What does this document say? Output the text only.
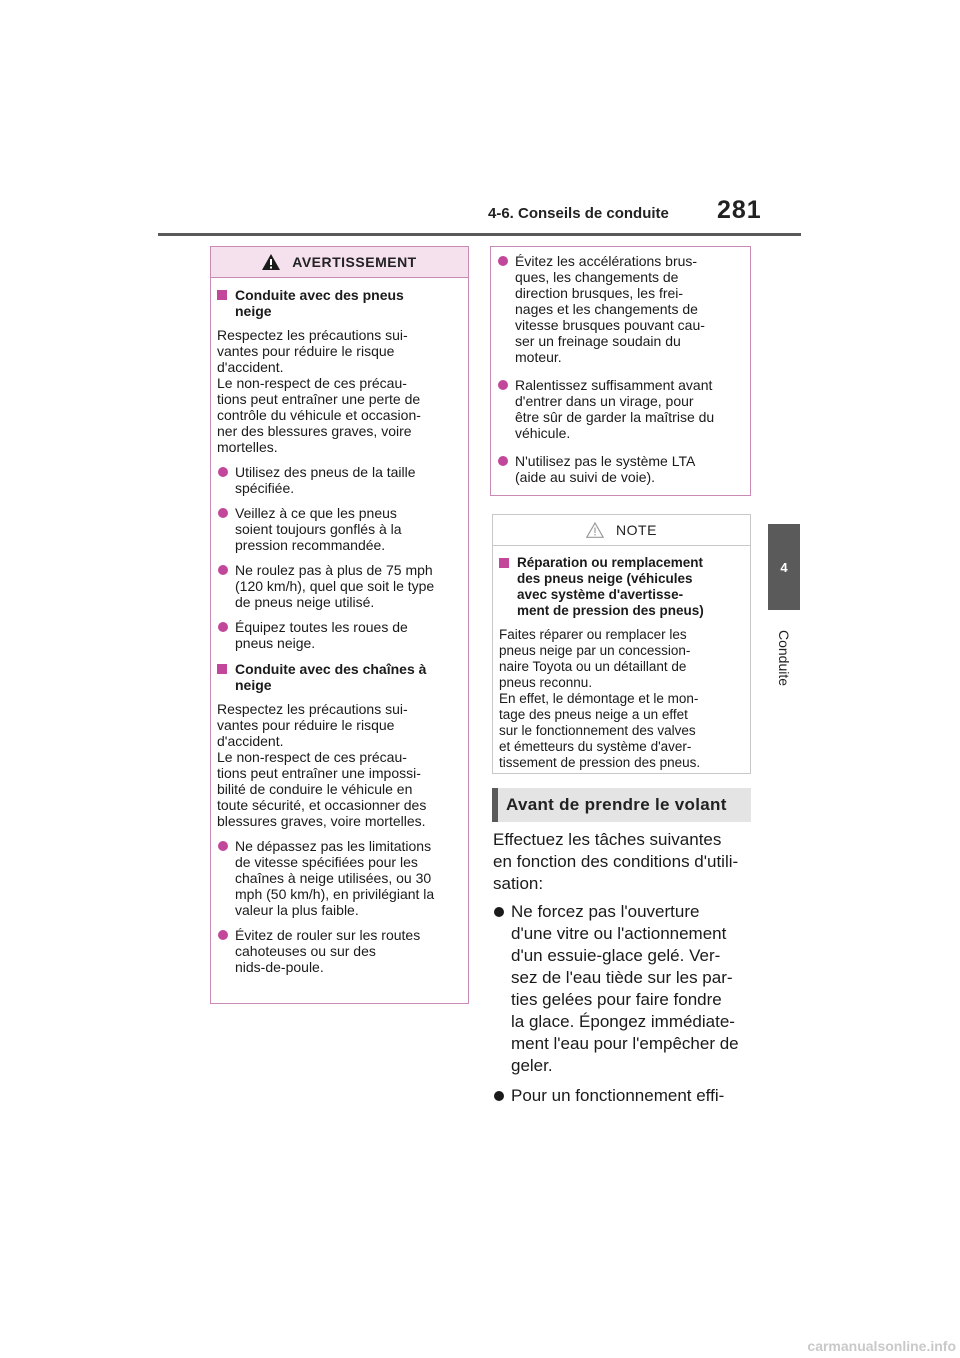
4-6. Conseils de conduite	281
4
Conduite
AVERTISSEMENT
Conduite avec des pneus
neige
Respectez les précautions sui-
vantes pour réduire le risque
d'accident.
Le non-respect de ces précau-
tions peut entraîner une perte de
contrôle du véhicule et occasion-
ner des blessures graves, voire
mortelles.
Utilisez des pneus de la taille
spécifiée.
Veillez à ce que les pneus
soient toujours gonflés à la
pression recommandée.
Ne roulez pas à plus de 75 mph
(120 km/h), quel que soit le type
de pneus neige utilisé.
Équipez toutes les roues de
pneus neige.
Conduite avec des chaînes à
neige
Respectez les précautions sui-
vantes pour réduire le risque
d'accident.
Le non-respect de ces précau-
tions peut entraîner une impossi-
bilité de conduire le véhicule en
toute sécurité, et occasionner des
blessures graves, voire mortelles.
Ne dépassez pas les limitations
de vitesse spécifiées pour les
chaînes à neige utilisées, ou 30
mph (50 km/h), en privilégiant la
valeur la plus faible.
Évitez de rouler sur les routes
cahoteuses ou sur des
nids-de-poule.
Évitez les accélérations brus-
ques, les changements de
direction brusques, les frei-
nages et les changements de
vitesse brusques pouvant cau-
ser un freinage soudain du
moteur.
Ralentissez suffisamment avant
d'entrer dans un virage, pour
être sûr de garder la maîtrise du
véhicule.
N'utilisez pas le système LTA
(aide au suivi de voie).
NOTE
Réparation ou remplacement
des pneus neige (véhicules
avec système d'avertisse-
ment de pression des pneus)
Faites réparer ou remplacer les
pneus neige par un concession-
naire Toyota ou un détaillant de
pneus reconnu.
En effet, le démontage et le mon-
tage des pneus neige a un effet
sur le fonctionnement des valves
et émetteurs du système d'aver-
tissement de pression des pneus.
Avant de prendre le volant
Effectuez les tâches suivantes
en fonction des conditions d'utili-
sation:
Ne forcez pas l'ouverture
d'une vitre ou l'actionnement
d'un essuie-glace gelé. Ver-
sez de l'eau tiède sur les par-
ties gelées pour faire fondre
la glace. Épongez immédiate-
ment l'eau pour l'empêcher de
geler.
Pour un fonctionnement effi-
carmanualsonline.info
